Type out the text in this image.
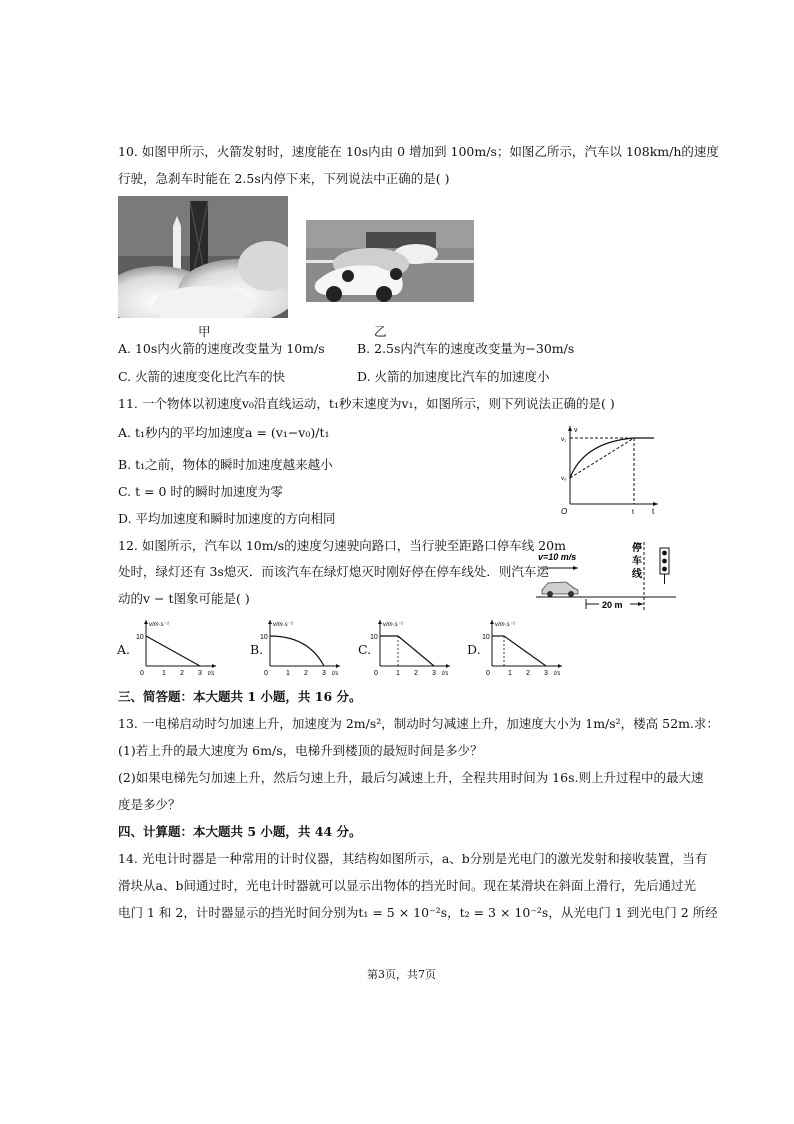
10. 如图甲所示，火箭发射时，速度能在 10s内由 0 增加到 100m/s；如图乙所示，汽车以 108km/h的速度
行驶，急刹车时能在 2.5s内停下来，下列说法中正确的是( )
甲	乙
A. 10s内火箭的速度改变量为 10m/s	B. 2.5s内汽车的速度改变量为−30m/s
C. 火箭的速度变化比汽车的快	D. 火箭的加速度比汽车的加速度小
11. 一个物体以初速度v₀沿直线运动，t₁秒末速度为v₁，如图所示，则下列说法正确的是( )
A. t₁秒内的平均加速度a = (v₁−v₀)/t₁
B. t₁之前，物体的瞬时加速度越来越小
C. t = 0 时的瞬时加速度为零
D. 平均加速度和瞬时加速度的方向相同
v
v₁
v₀
O	t t
12. 如图所示，汽车以 10m/s的速度匀速驶向路口，当行驶至距路口停车线 20m
处时，绿灯还有 3s熄灭．而该汽车在绿灯熄灭时刚好停在停车线处．则汽车运
动的v − t图象可能是( )
v=10 m/s
停
车
线
20 m
A.
v/m·s⁻¹
10
0	1 2 3 t/s
B.
v/m·s⁻¹
10
0	1 2 3 t/s
C.
v/m·s⁻¹
10
0	1 2 3 t/s
D.
v/m·s⁻¹
10
0	1 2 3 t/s
三、简答题：本大题共 1 小题，共 16 分。
13. 一电梯启动时匀加速上升，加速度为 2m/s²，制动时匀减速上升，加速度大小为 1m/s²，楼高 52m.求：
(1)若上升的最大速度为 6m/s，电梯升到楼顶的最短时间是多少？
(2)如果电梯先匀加速上升，然后匀速上升，最后匀减速上升，全程共用时间为 16s.则上升过程中的最大速
度是多少？
四、计算题：本大题共 5 小题，共 44 分。
14. 光电计时器是一种常用的计时仪器，其结构如图所示，a、b分别是光电门的激光发射和接收装置，当有
滑块从a、b间通过时，光电计时器就可以显示出物体的挡光时间。现在某滑块在斜面上滑行，先后通过光
电门 1 和 2，计时器显示的挡光时间分别为t₁ = 5 × 10⁻²s，t₂ = 3 × 10⁻²s，从光电门 1 到光电门 2 所经
第3页，共7页
